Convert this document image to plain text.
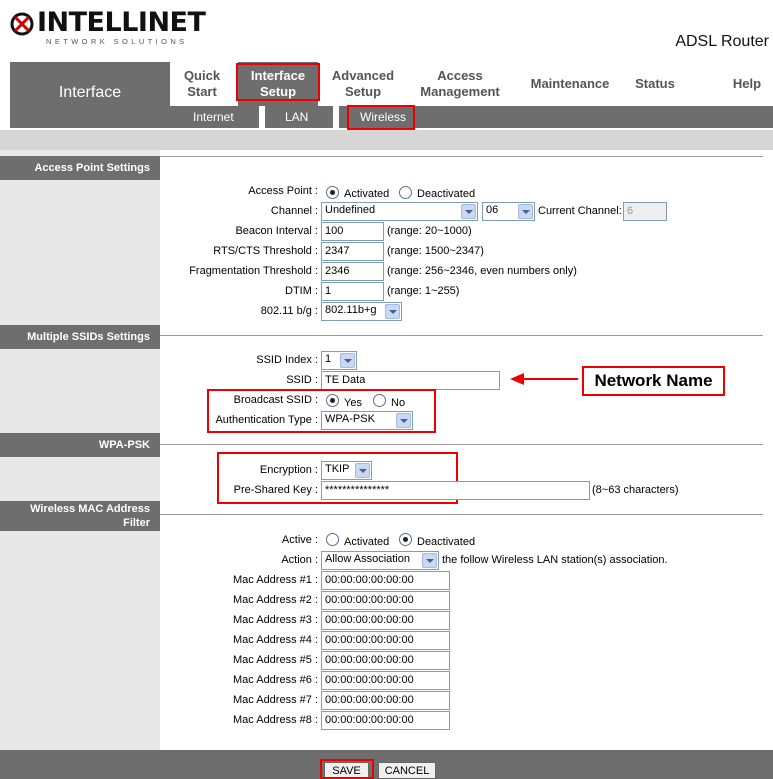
INTELLINET
NETWORK SOLUTIONS	ADSL Router
Interface
Quick
Start
Interface
Setup
Advanced
Setup
Access
Management
Maintenance Status	Help
Internet	LAN	Wireless
Access Point Settings
Multiple SSIDs Settings
WPA-PSK
Wireless MAC Address Filter
Access Point : Activated	Deactivated
Channel : Undefined	06	Current Channel: 6
Beacon Interval : 100	(range: 20~1000)
RTS/CTS Threshold : 2347	(range: 1500~2347)
Fragmentation Threshold : 2346	(range: 256~2346, even numbers only)
DTIM : 1	(range: 1~255)
802.11 b/g : 802.11b+g
SSID Index : 1
SSID : TE Data	Network Name
Broadcast SSID : Yes	No
Authentication Type : WPA-PSK
Encryption : TKIP
Pre-Shared Key : ***************	(8~63 characters)
Active : Activated	Deactivated
Action : Allow Association	the follow Wireless LAN station(s) association.
Mac Address #1 : 00:00:00:00:00:00
Mac Address #2 : 00:00:00:00:00:00
Mac Address #3 : 00:00:00:00:00:00
Mac Address #4 : 00:00:00:00:00:00
Mac Address #5 : 00:00:00:00:00:00
Mac Address #6 : 00:00:00:00:00:00
Mac Address #7 : 00:00:00:00:00:00
Mac Address #8 : 00:00:00:00:00:00
SAVE	CANCEL
